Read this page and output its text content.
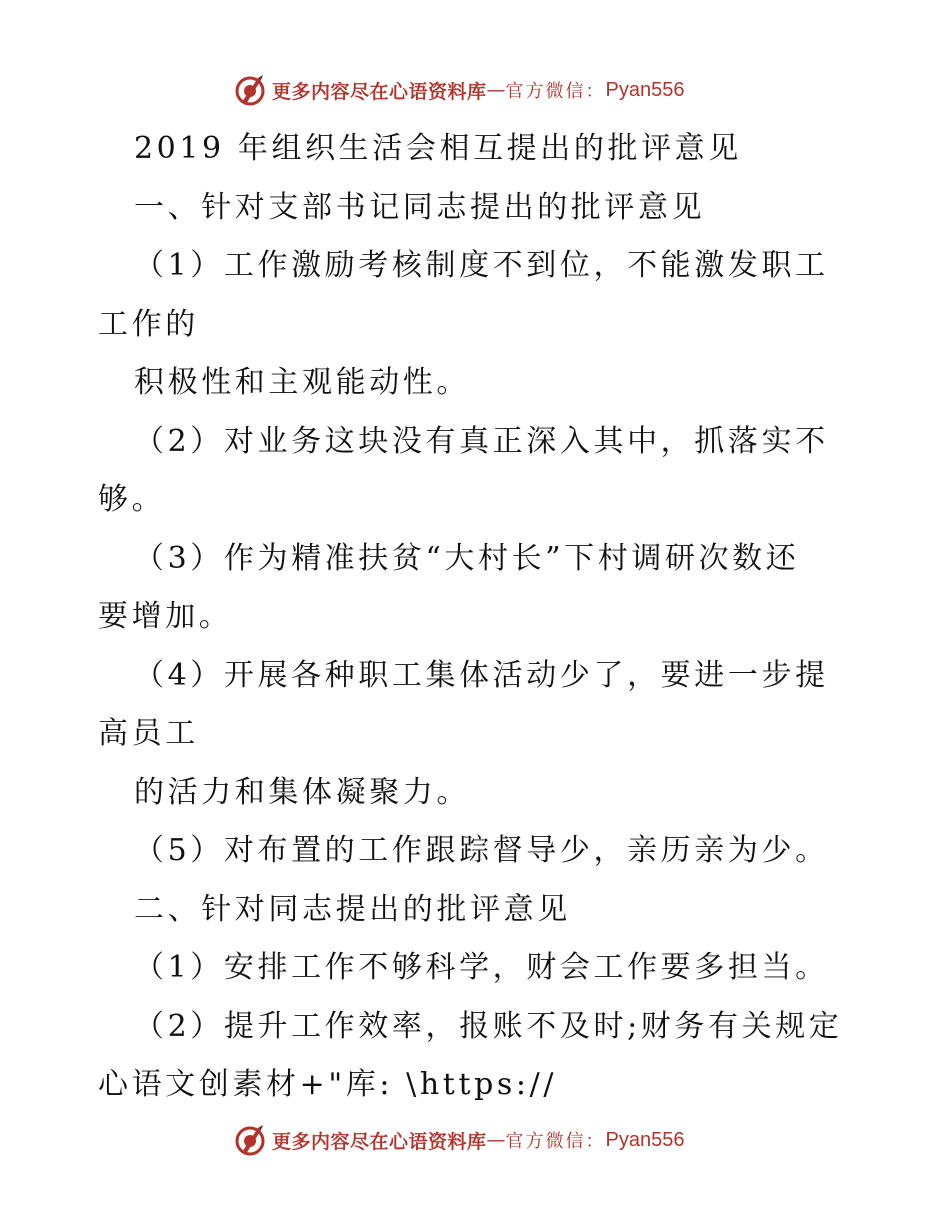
更多内容尽在心语资料库 — 官方微信 ： Pyan556
2019 年组织生活会相互提出的批评意见
一、针对支部书记同志提出的批评意见
（1）工作激励考核制度不到位，不能激发职工
工作的
积极性和主观能动性。
（2）对业务这块没有真正深入其中，抓落实不
够。
（3）作为精准扶贫“大村长”下村调研次数还
要增加。
（4）开展各种职工集体活动少了，要进一步提
高员工
的活力和集体凝聚力。
（5）对布置的工作跟踪督导少，亲历亲为少。
二、针对同志提出的批评意见
（1）安排工作不够科学，财会工作要多担当。
（2）提升工作效率，报账不及时;财务有关规定
心语文创素材+"库: \https://
更多内容尽在心语资料库 — 官方微信 ： Pyan556
